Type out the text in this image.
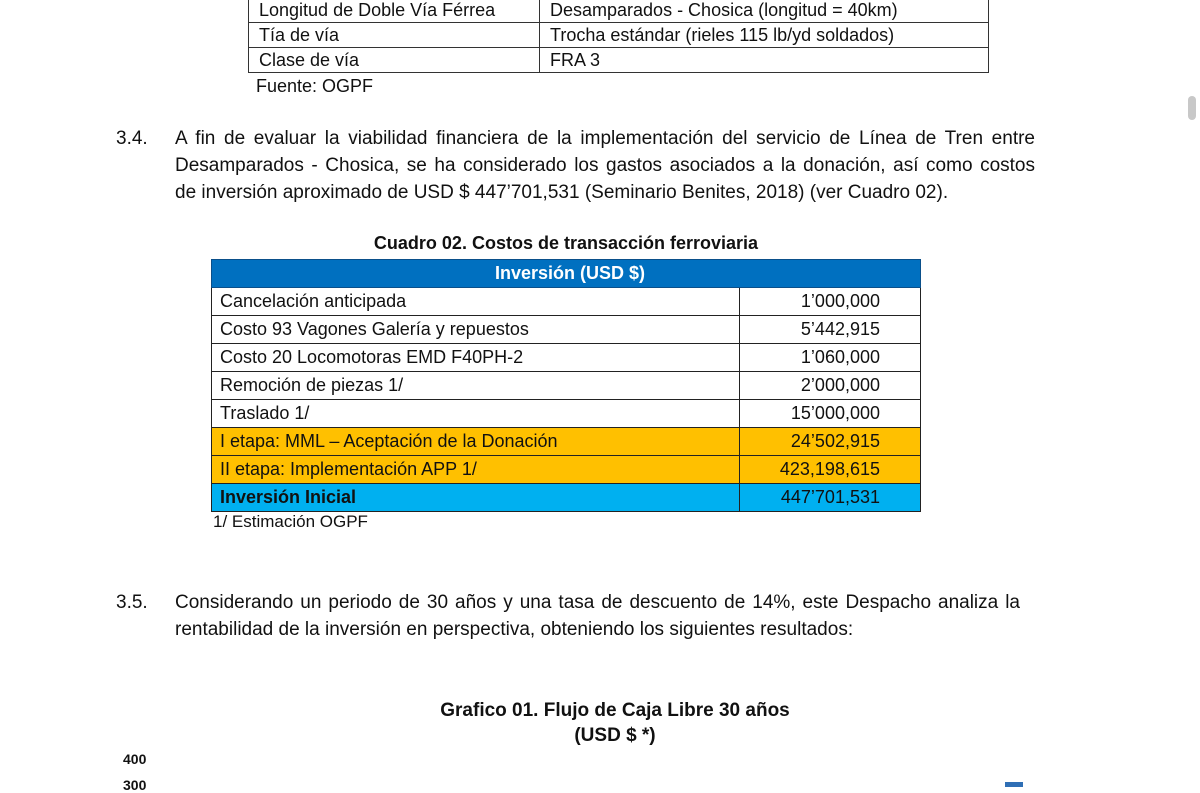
Longitud de Doble Vía Férrea	Desamparados - Chosica (longitud = 40km)
Tía de vía	Trocha estándar (rieles 115 lb/yd soldados)
Clase de vía	FRA 3
Fuente: OGPF
3.4. A fin de evaluar la viabilidad financiera de la implementación del servicio de Línea de Tren entre
Desamparados - Chosica, se ha considerado los gastos asociados a la donación, así como costos
de inversión aproximado de USD $ 447’701,531 (Seminario Benites, 2018) (ver Cuadro 02).
Cuadro 02. Costos de transacción ferroviaria
Inversión (USD $)	
Cancelación anticipada	1’000,000
Costo 93 Vagones Galería y repuestos	5’442,915
Costo 20 Locomotoras EMD F40PH-2	1’060,000
Remoción de piezas 1/	2’000,000
Traslado 1/	15’000,000
I etapa: MML – Aceptación de la Donación	24’502,915
II etapa: Implementación APP 1/	423,198,615
Inversión Inicial	447’701,531
1/ Estimación OGPF
3.5. Considerando un periodo de 30 años y una tasa de descuento de 14%, este Despacho analiza la
rentabilidad de la inversión en perspectiva, obteniendo los siguientes resultados:
Grafico 01. Flujo de Caja Libre 30 años
(USD $ *)
400
300
